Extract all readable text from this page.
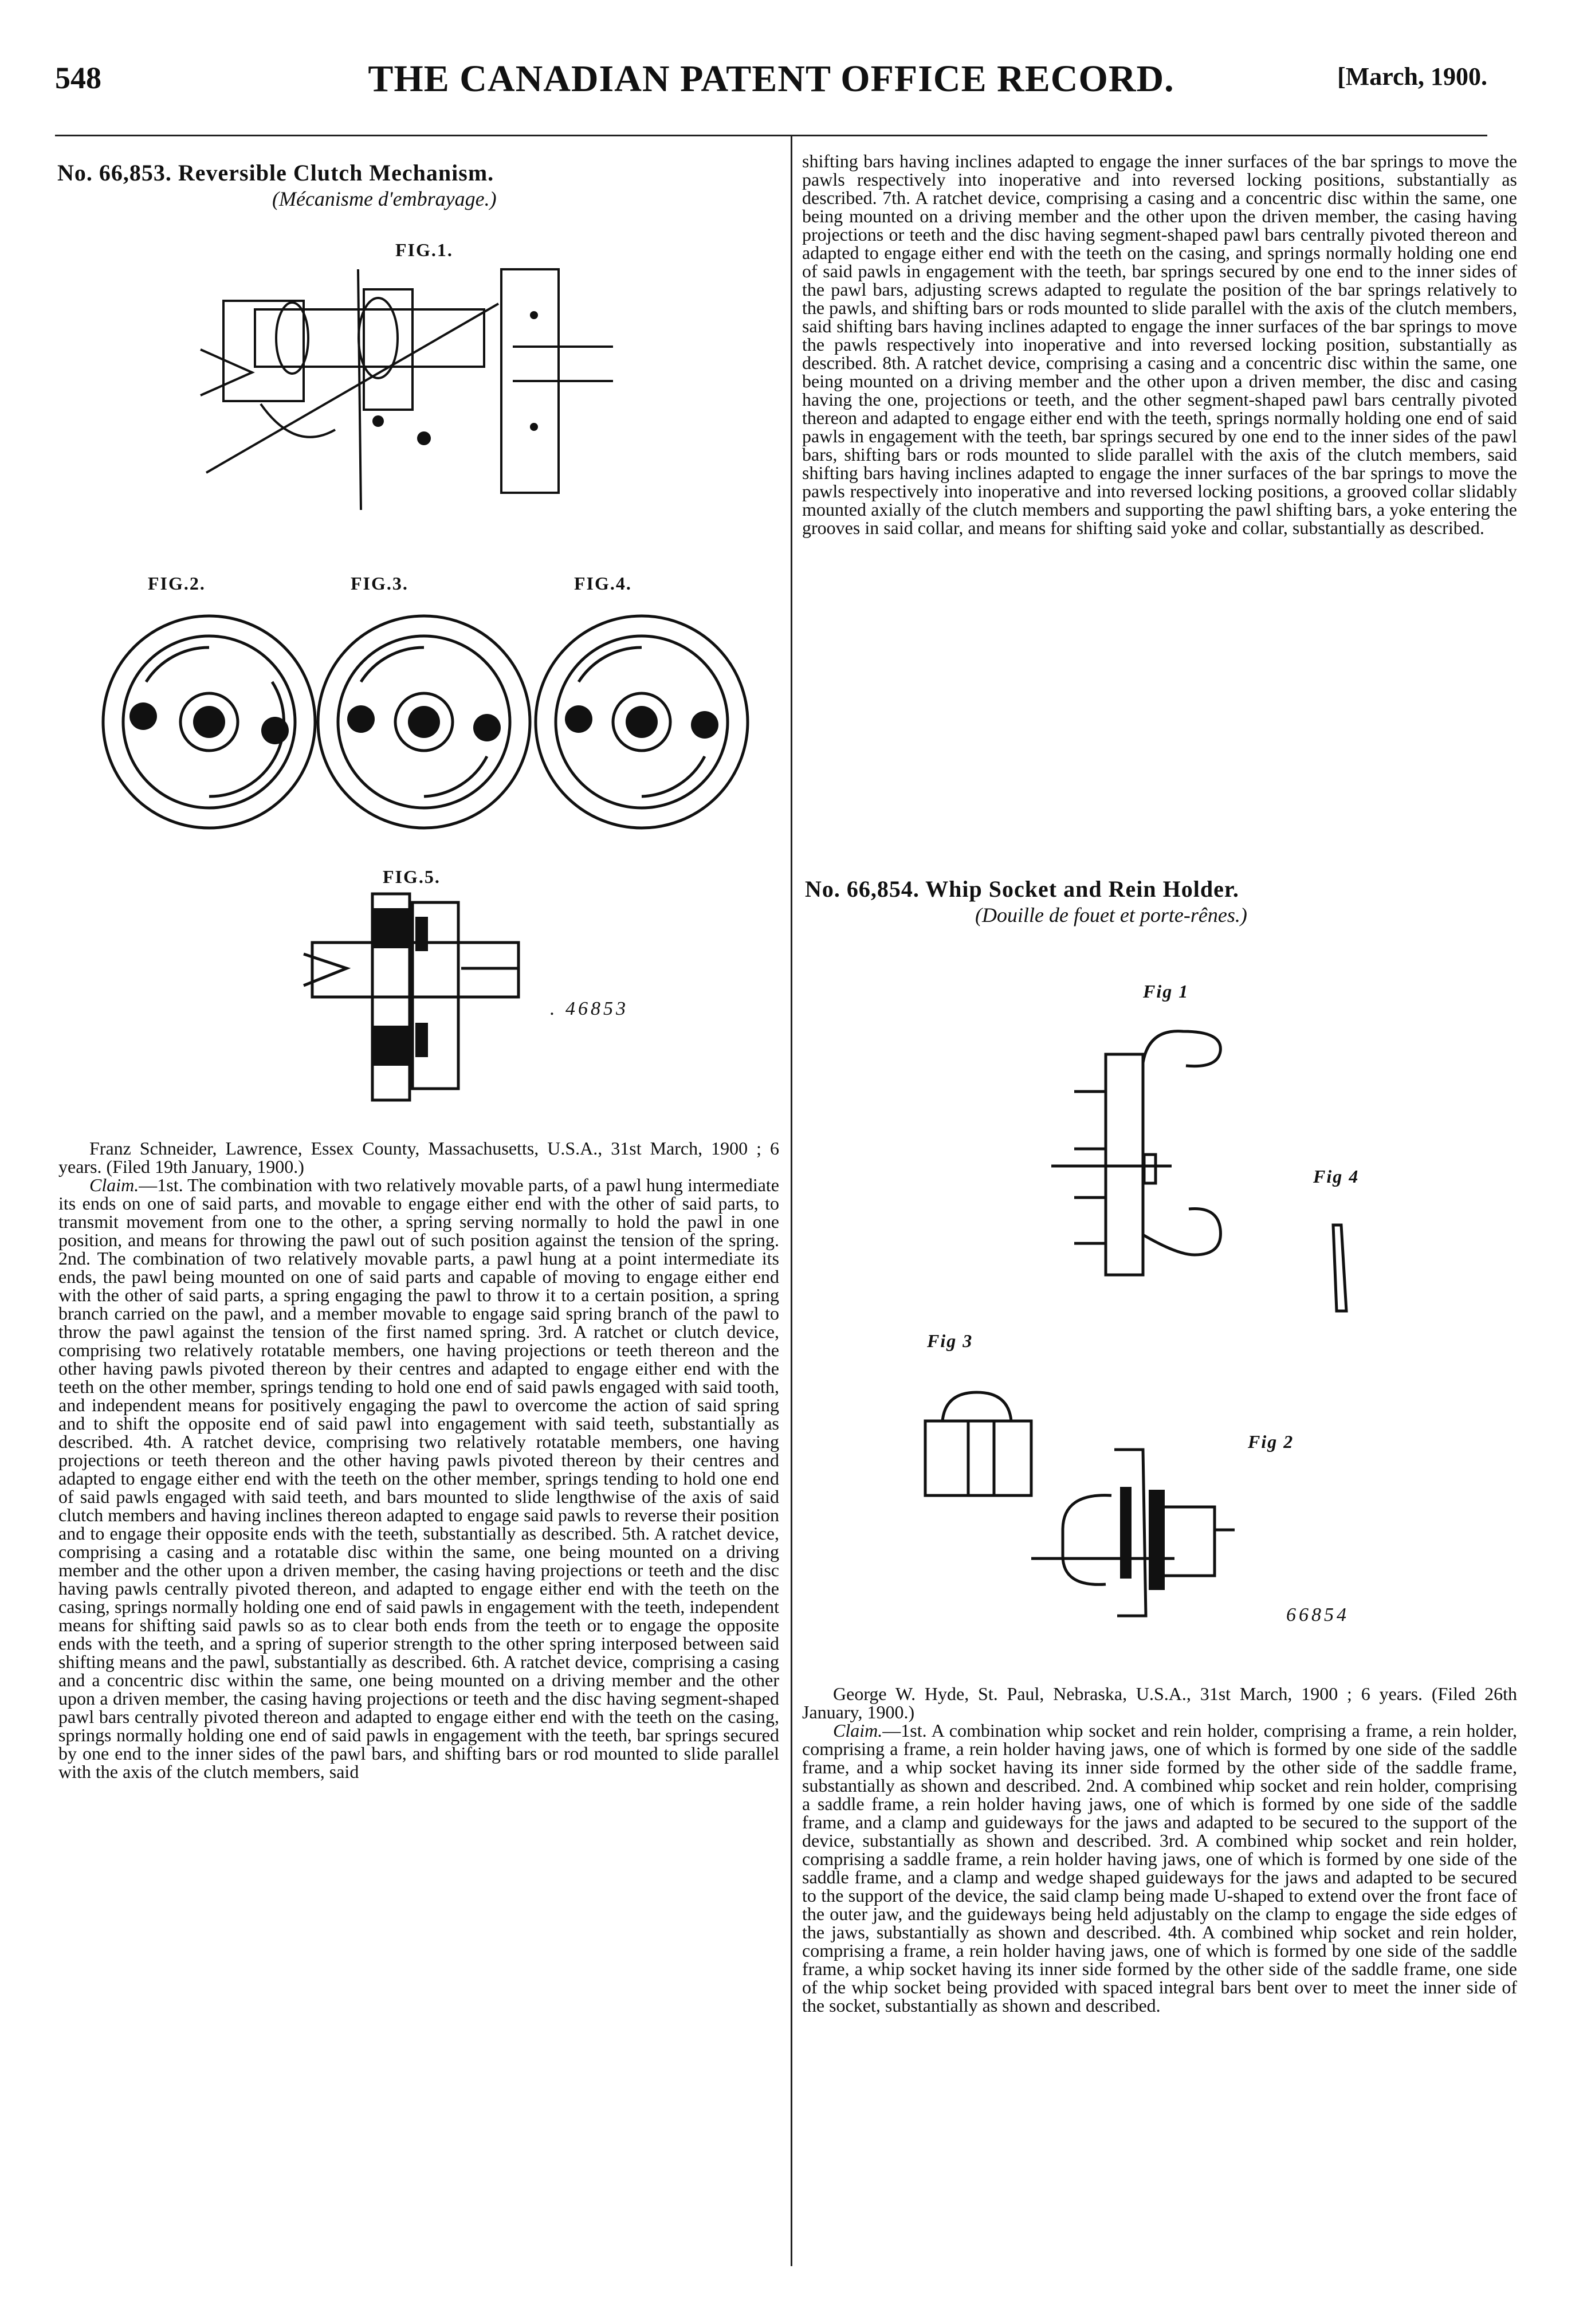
548	THE CANADIAN PATENT OFFICE RECORD.	[March, 1900.
No. 66,853. Reversible Clutch Mechanism.
(Mécanisme d'embrayage.)
FIG.1.
FIG.2.	FIG.3.	FIG.4.
FIG.5.
. 46853

Franz Schneider, Lawrence, Essex County, Massachusetts, U.S.A., 31st March, 1900 ; 6 years. (Filed 19th January, 1900.)

Claim.—1st. The combination with two relatively movable parts, of a pawl hung intermediate its ends on one of said parts, and movable to engage either end with the other of said parts, to transmit movement from one to the other, a spring serving normally to hold the pawl in one position, and means for throwing the pawl out of such position against the tension of the spring. 2nd. The combination of two relatively movable parts, a pawl hung at a point intermediate its ends, the pawl being mounted on one of said parts and capable of moving to engage either end with the other of said parts, a spring engaging the pawl to throw it to a certain position, a spring branch carried on the pawl, and a member movable to engage said spring branch of the pawl to throw the pawl against the tension of the first named spring. 3rd. A ratchet or clutch device, comprising two relatively rotatable members, one having projections or teeth thereon and the other having pawls pivoted thereon by their centres and adapted to engage either end with the teeth on the other member, springs tending to hold one end of said pawls engaged with said tooth, and independent means for positively engaging the pawl to overcome the action of said spring and to shift the opposite end of said pawl into engagement with said teeth, substantially as described. 4th. A ratchet device, comprising two relatively rotatable members, one having projections or teeth thereon and the other having pawls pivoted thereon by their centres and adapted to engage either end with the teeth on the other member, springs tending to hold one end of said pawls engaged with said teeth, and bars mounted to slide lengthwise of the axis of said clutch members and having inclines thereon adapted to engage said pawls to reverse their position and to engage their opposite ends with the teeth, substantially as described. 5th. A ratchet device, comprising a casing and a rotatable disc within the same, one being mounted on a driving member and the other upon a driven member, the casing having projections or teeth and the disc having pawls centrally pivoted thereon, and adapted to engage either end with the teeth on the casing, springs normally holding one end of said pawls in engagement with the teeth, independent means for shifting said pawls so as to clear both ends from the teeth or to engage the opposite ends with the teeth, and a spring of superior strength to the other spring interposed between said shifting means and the pawl, substantially as described. 6th. A ratchet device, comprising a casing and a concentric disc within the same, one being mounted on a driving member and the other upon a driven member, the casing having projections or teeth and the disc having segment-shaped pawl bars centrally pivoted thereon and adapted to engage either end with the teeth on the casing, springs normally holding one end of said pawls in engagement with the teeth, bar springs secured by one end to the inner sides of the pawl bars, and shifting bars or rod mounted to slide parallel with the axis of the clutch members, said

shifting bars having inclines adapted to engage the inner surfaces of the bar springs to move the pawls respectively into inoperative and into reversed locking positions, substantially as described. 7th. A ratchet device, comprising a casing and a concentric disc within the same, one being mounted on a driving member and the other upon the driven member, the casing having projections or teeth and the disc having segment-shaped pawl bars centrally pivoted thereon and adapted to engage either end with the teeth on the casing, and springs normally holding one end of said pawls in engagement with the teeth, bar springs secured by one end to the inner sides of the pawl bars, adjusting screws adapted to regulate the position of the bar springs relatively to the pawls, and shifting bars or rods mounted to slide parallel with the axis of the clutch members, said shifting bars having inclines adapted to engage the inner surfaces of the bar springs to move the pawls respectively into inoperative and into reversed locking position, substantially as described. 8th. A ratchet device, comprising a casing and a concentric disc within the same, one being mounted on a driving member and the other upon a driven member, the disc and casing having the one, projections or teeth, and the other segment-shaped pawl bars centrally pivoted thereon and adapted to engage either end with the teeth, springs normally holding one end of said pawls in engagement with the teeth, bar springs secured by one end to the inner sides of the pawl bars, shifting bars or rods mounted to slide parallel with the axis of the clutch members, said shifting bars having inclines adapted to engage the inner surfaces of the bar springs to move the pawls respectively into inoperative and into reversed locking positions, a grooved collar slidably mounted axially of the clutch members and supporting the pawl shifting bars, a yoke entering the grooves in said collar, and means for shifting said yoke and collar, substantially as described.

No. 66,854. Whip Socket and Rein Holder.
(Douille de fouet et porte-rênes.)
Fig 1
Fig 4
Fig 3
Fig 2
66854

George W. Hyde, St. Paul, Nebraska, U.S.A., 31st March, 1900 ; 6 years. (Filed 26th January, 1900.)

Claim.—1st. A combination whip socket and rein holder, comprising a frame, a rein holder, comprising a frame, a rein holder having jaws, one of which is formed by one side of the saddle frame, and a whip socket having its inner side formed by the other side of the saddle frame, substantially as shown and described. 2nd. A combined whip socket and rein holder, comprising a saddle frame, a rein holder having jaws, one of which is formed by one side of the saddle frame, and a clamp and guideways for the jaws and adapted to be secured to the support of the device, substantially as shown and described. 3rd. A combined whip socket and rein holder, comprising a saddle frame, a rein holder having jaws, one of which is formed by one side of the saddle frame, and a clamp and wedge shaped guideways for the jaws and adapted to be secured to the support of the device, the said clamp being made U-shaped to extend over the front face of the outer jaw, and the guideways being held adjustably on the clamp to engage the side edges of the jaws, substantially as shown and described. 4th. A combined whip socket and rein holder, comprising a frame, a rein holder having jaws, one of which is formed by one side of the saddle frame, a whip socket having its inner side formed by the other side of the saddle frame, one side of the whip socket being provided with spaced integral bars bent over to meet the inner side of the socket, substantially as shown and described.
